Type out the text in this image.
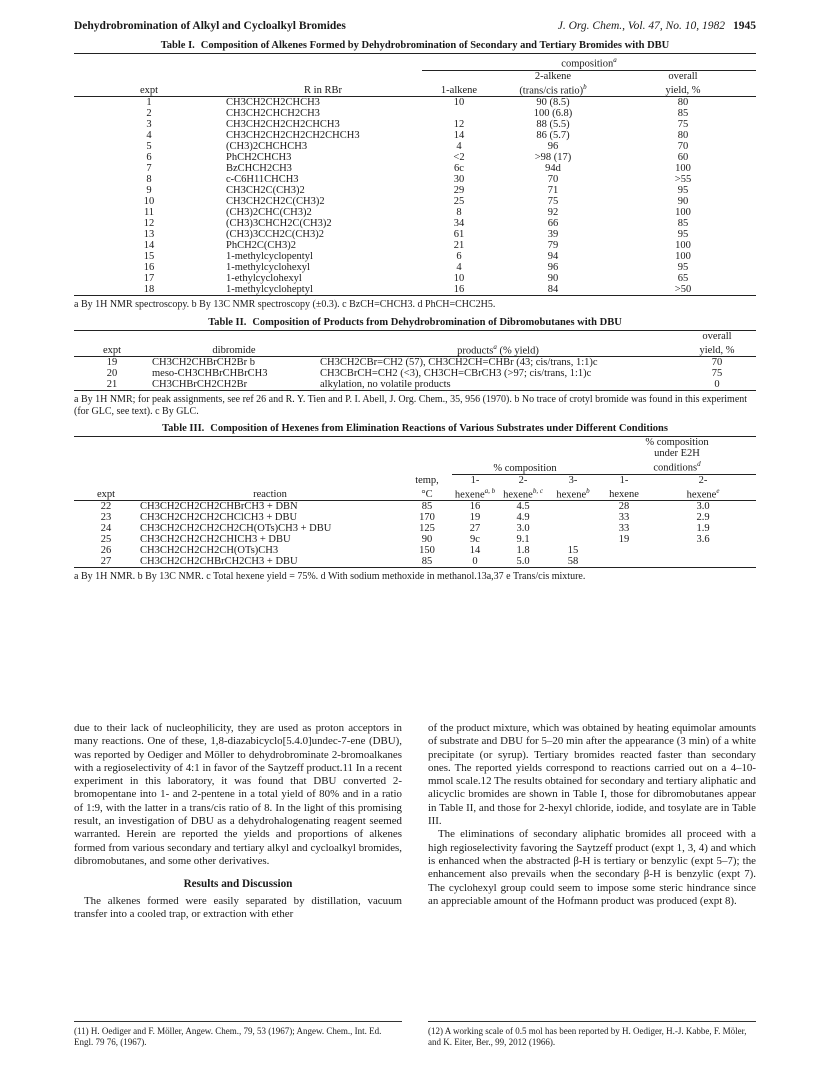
Dehydrobromination of Alkyl and Cycloalkyl Bromides	J. Org. Chem., Vol. 47, No. 10, 1982 1945
Table I. Composition of Alkenes Formed by Dehydrobromination of Secondary and Tertiary Bromides with DBU
		composition$^a$
			2-alkene	overall
expt	R in RBr	1-alkene	(trans/cis ratio)$^b$	yield, %
1	CH3CH2CH2CHCH3	10	90 (8.5)	80
2	CH3CH2CHCH2CH3		100 (6.8)	85
3	CH3CH2CH2CH2CHCH3	12	88 (5.5)	75
4	CH3CH2CH2CH2CH2CHCH3	14	86 (5.7)	80
5	(CH3)2CHCHCH3	4	96	70
6	PhCH2CHCH3	<2	>98 (17)	60
7	BzCHCH2CH3	6c	94d	100
8	c-C6H11CHCH3	30	70	>55
9	CH3CH2C(CH3)2	29	71	95
10	CH3CH2CH2C(CH3)2	25	75	90
11	(CH3)2CHC(CH3)2	8	92	100
12	(CH3)3CHCH2C(CH3)2	34	66	85
13	(CH3)3CCH2C(CH3)2	61	39	95
14	PhCH2C(CH3)2	21	79	100
15	1-methylcyclopentyl	6	94	100
16	1-methylcyclohexyl	4	96	95
17	1-ethylcyclohexyl	10	90	65
18	1-methylcycloheptyl	16	84	>50
a By 1H NMR spectroscopy. b By 13C NMR spectroscopy (±0.3). c BzCH=CHCH3. d PhCH=CHC2H5.
Table II. Composition of Products from Dehydrobromination of Dibromobutanes with DBU
			overall
expt	dibromide	products$^a$ (% yield)	yield, %
19	CH3CH2CHBrCH2Br b	CH3CH2CBr=CH2 (57), CH3CH2CH=CHBr (43; cis/trans, 1:1)c	70
20	meso-CH3CHBrCHBrCH3	CH3CBrCH=CH2 (<3), CH3CH=CBrCH3 (>97; cis/trans, 1:1)c	75
21	CH3CHBrCH2CH2Br	alkylation, no volatile products	0
a By 1H NMR; for peak assignments, see ref 26 and R. Y. Tien and P. I. Abell, J. Org. Chem., 35, 956 (1970). b No trace of crotyl bromide was found in this experiment (for GLC, see text). c By GLC.
Table III. Composition of Hexenes from Elimination Reactions of Various Substrates under Different Conditions
						% composition	
						under E2H	
			% composition			conditions$^d$
		temp,	1-	2-	3-	1-	2-
expt	reaction	°C	hexene$^{a, b}$	hexene$^{b, c}$	hexene$^b$	hexene	hexene$^e$
22	CH3CH2CH2CH2CHBrCH3 + DBN	85	16	4.5		28	3.0
23	CH3CH2CH2CH2CHClCH3 + DBU	170	19	4.9		33	2.9
24	CH3CH2CH2CH2CH2CH(OTs)CH3 + DBU	125	27	3.0		33	1.9
25	CH3CH2CH2CH2CHICH3 + DBU	90	9c	9.1		19	3.6
26	CH3CH2CH2CH2CH(OTs)CH3	150	14	1.8	15		
27	CH3CH2CH2CHBrCH2CH3 + DBU	85	0	5.0	58		
a By 1H NMR. b By 13C NMR. c Total hexene yield = 75%. d With sodium methoxide in methanol.13a,37 e Trans/cis mixture.

due to their lack of nucleophilicity, they are used as proton acceptors in many reactions. One of these, 1,8-diazabicyclo[5.4.0]undec-7-ene (DBU), was reported by Oediger and Möller to dehydrobrominate 2-bromoalkanes with a regioselectivity of 4:1 in favor of the Saytzeff product.11 In a recent experiment in this laboratory, it was found that DBU converted 2-bromopentane into 1- and 2-pentene in a total yield of 80% and in a ratio of 1:9, with the latter in a trans/cis ratio of 8. In the light of this promising result, an investigation of DBU as a dehydrohalogenating reagent seemed warranted. Herein are reported the yields and proportions of alkenes formed from various secondary and tertiary alkyl and cycloalkyl bromides, dibromobutanes, and some other derivatives.

Results and Discussion

The alkenes formed were easily separated by distillation, vacuum transfer into a cooled trap, or extraction with ether

of the product mixture, which was obtained by heating equimolar amounts of substrate and DBU for 5–20 min after the appearance (3 min) of a white precipitate (or syrup). Tertiary bromides reacted faster than secondary ones. The reported yields correspond to reactions carried out on a 4–10-mmol scale.12 The results obtained for secondary and tertiary aliphatic and alicyclic bromides are shown in Table I, those for dibromobutanes appear in Table II, and those for 2-hexyl chloride, iodide, and tosylate are in Table III.

The eliminations of secondary aliphatic bromides all proceed with a high regioselectivity favoring the Saytzeff product (expt 1, 3, 4) and which is enhanced when the abstracted β-H is tertiary or benzylic (expt 5–7); the enhancement also prevails when the secondary β-H is benzylic (expt 7). The cyclohexyl group could seem to impose some steric hindrance since an appreciable amount of the Hofmann product was produced (expt 8).

(11) H. Oediger and F. Möller, Angew. Chem., 79, 53 (1967); Angew. Chem., Int. Ed. Engl. 79 76, (1967).
(12) A working scale of 0.5 mol has been reported by H. Oediger, H.-J. Kabbe, F. Möler, and K. Eiter, Ber., 99, 2012 (1966).
